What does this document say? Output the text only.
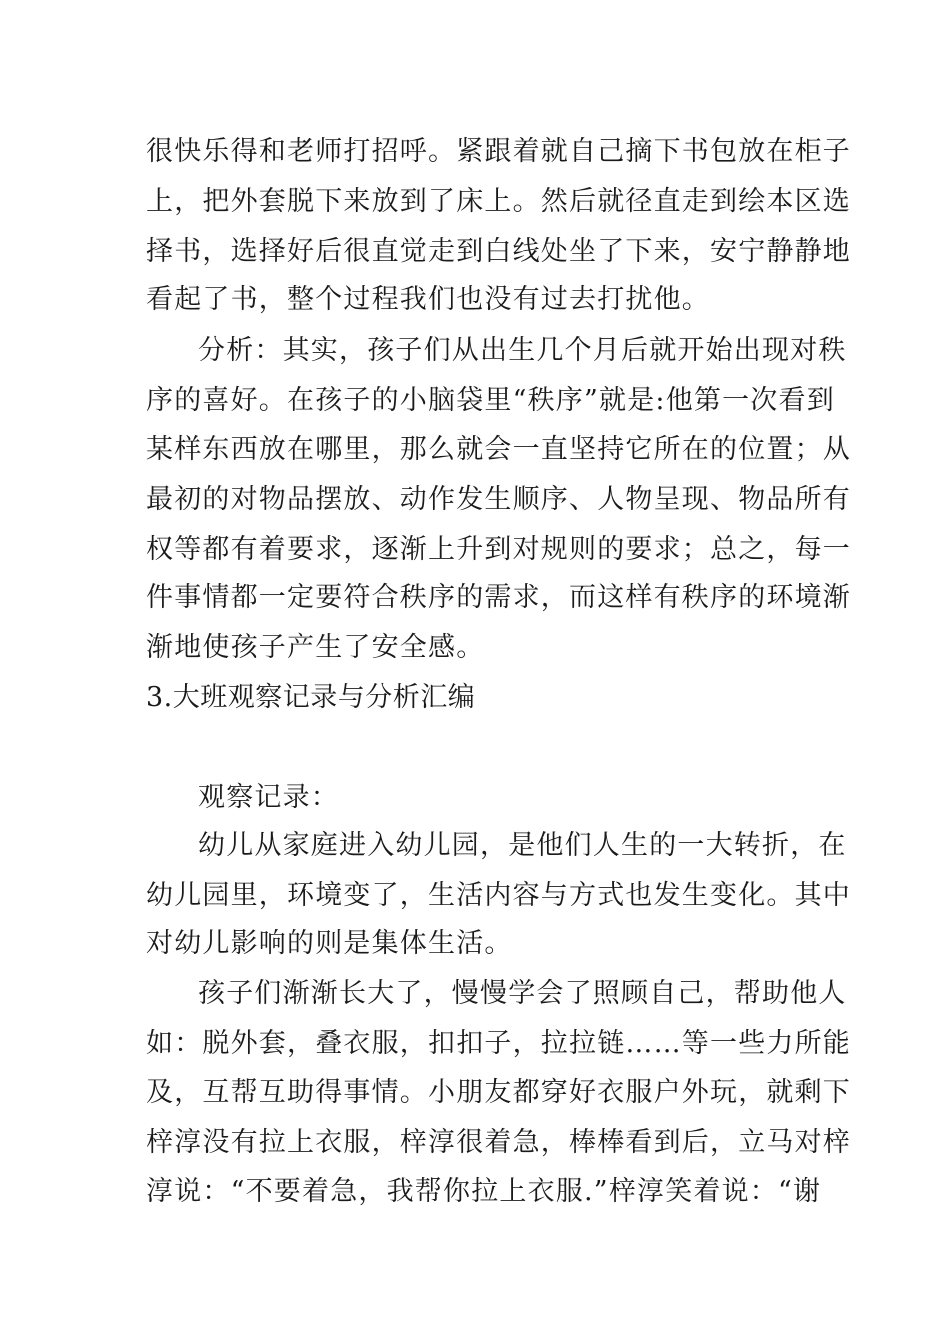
很快乐得和老师打招呼。紧跟着就自己摘下书包放在柜子
上，把外套脱下来放到了床上。然后就径直走到绘本区选
择书，选择好后很直觉走到白线处坐了下来，安宁静静地
看起了书，整个过程我们也没有过去打扰他。
分析：其实，孩子们从出生几个月后就开始出现对秩
序的喜好。在孩子的小脑袋里“秩序”就是:他第一次看到
某样东西放在哪里，那么就会一直坚持它所在的位置；从
最初的对物品摆放、动作发生顺序、人物呈现、物品所有
权等都有着要求，逐渐上升到对规则的要求；总之，每一
件事情都一定要符合秩序的需求，而这样有秩序的环境渐
渐地使孩子产生了安全感。
3.大班观察记录与分析汇编
观察记录：
幼儿从家庭进入幼儿园，是他们人生的一大转折，在
幼儿园里，环境变了，生活内容与方式也发生变化。其中
对幼儿影响的则是集体生活。
孩子们渐渐长大了，慢慢学会了照顾自己，帮助他人
如：脱外套，叠衣服，扣扣子，拉拉链……等一些力所能
及，互帮互助得事情。小朋友都穿好衣服户外玩，就剩下
梓淳没有拉上衣服，梓淳很着急，棒棒看到后，立马对梓
淳说：“不要着急，我帮你拉上衣服.”梓淳笑着说：“谢
